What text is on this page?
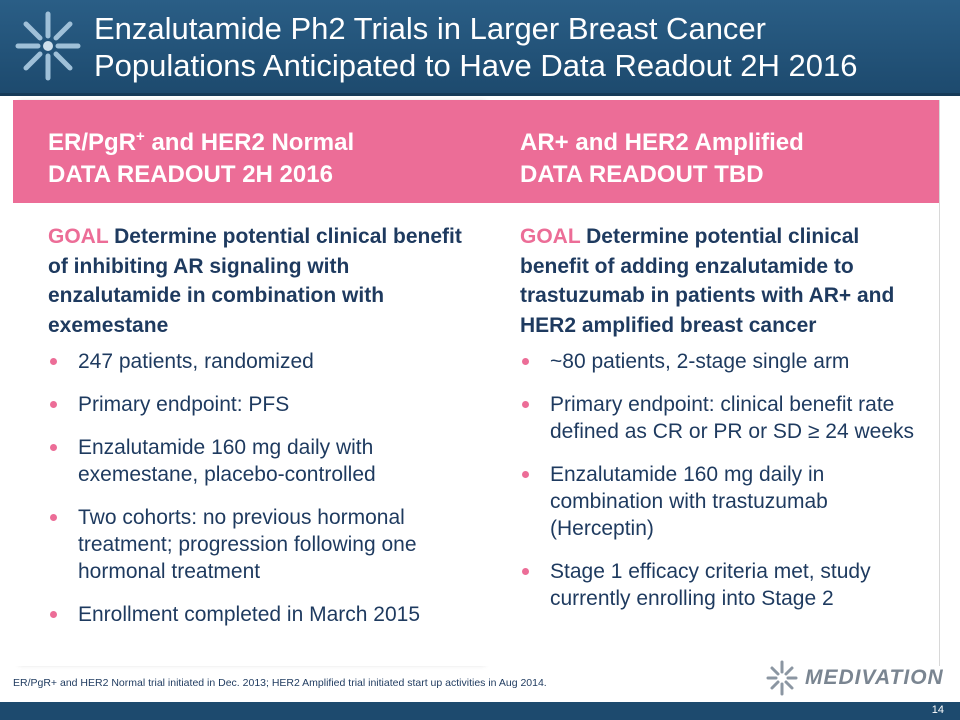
Enzalutamide Ph2 Trials in Larger Breast Cancer
Populations Anticipated to Have Data Readout 2H 2016
ER/PgR+ and HER2 Normal
DATA READOUT 2H 2016
GOAL Determine potential clinical benefit of inhibiting AR signaling with enzalutamide in combination with exemestane
247 patients, randomized
Primary endpoint: PFS
Enzalutamide 160 mg daily with exemestane, placebo-controlled
Two cohorts: no previous hormonal treatment; progression following one hormonal treatment
Enrollment completed in March 2015
AR+ and HER2 Amplified
DATA READOUT TBD
GOAL Determine potential clinical benefit of adding enzalutamide to trastuzumab in patients with AR+ and HER2 amplified breast cancer
~80 patients, 2-stage single arm
Primary endpoint: clinical benefit rate defined as CR or PR or SD ≥ 24 weeks
Enzalutamide 160 mg daily in combination with trastuzumab (Herceptin)
Stage 1 efficacy criteria met, study currently enrolling into Stage 2
ER/PgR+ and HER2 Normal trial initiated in Dec. 2013; HER2 Amplified trial initiated start up activities in Aug 2014.	MEDIVATION
14
